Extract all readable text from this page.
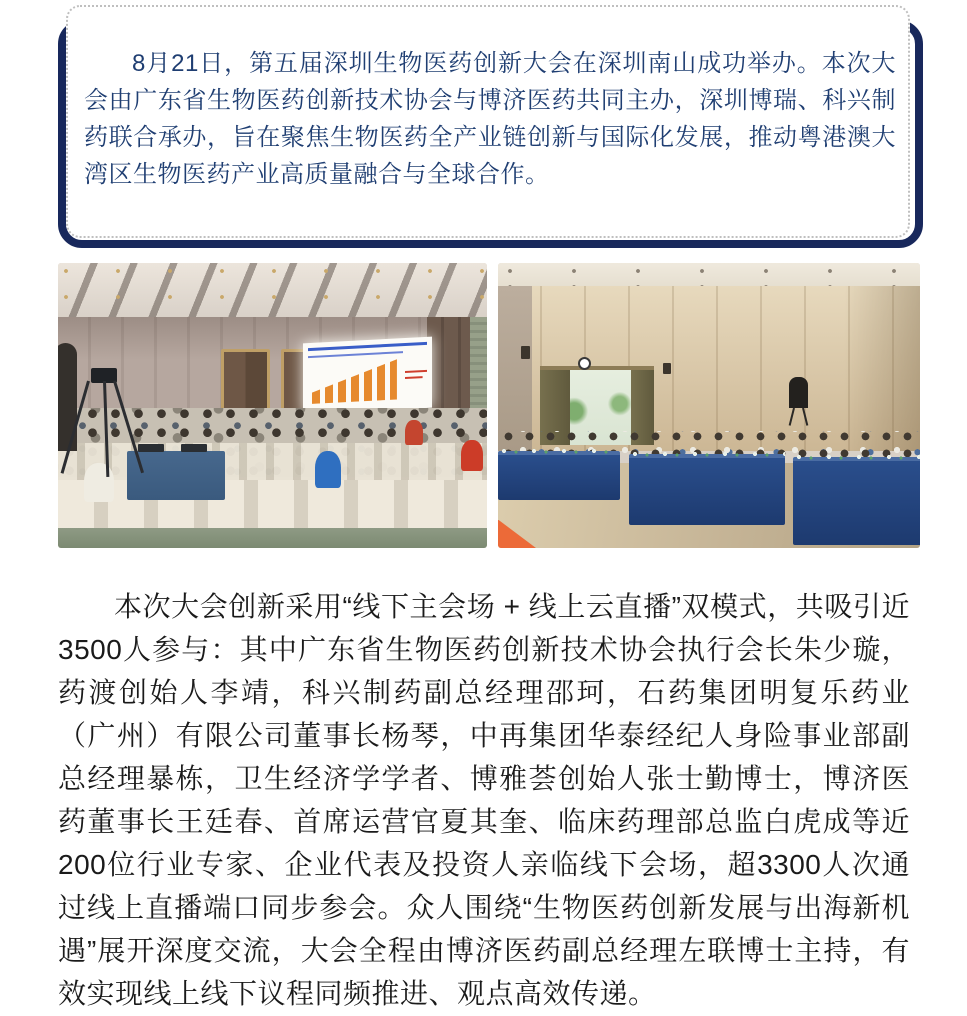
8月21日，第五届深圳生物医药创新大会在深圳南山成功举办。本次大会由广东省生物医药创新技术协会与博济医药共同主办，深圳博瑞、科兴制药联合承办，旨在聚焦生物医药全产业链创新与国际化发展，推动粤港澳大湾区生物医药产业高质量融合与全球合作。

本次大会创新采用“线下主会场 + 线上云直播”双模式，共吸引近3500人参与：其中广东省生物医药创新技术协会执行会长朱少璇，药渡创始人李靖，科兴制药副总经理邵珂，石药集团明复乐药业（广州）有限公司董事长杨琴，中再集团华泰经纪人身险事业部副总经理暴栋，卫生经济学学者、博雅荟创始人张士勤博士，博济医药董事长王廷春、首席运营官夏其奎、临床药理部总监白虎成等近200位行业专家、企业代表及投资人亲临线下会场，超3300人次通过线上直播端口同步参会。众人围绕“生物医药创新发展与出海新机遇”展开深度交流，大会全程由博济医药副总经理左联博士主持，有效实现线上线下议程同频推进、观点高效传递。
